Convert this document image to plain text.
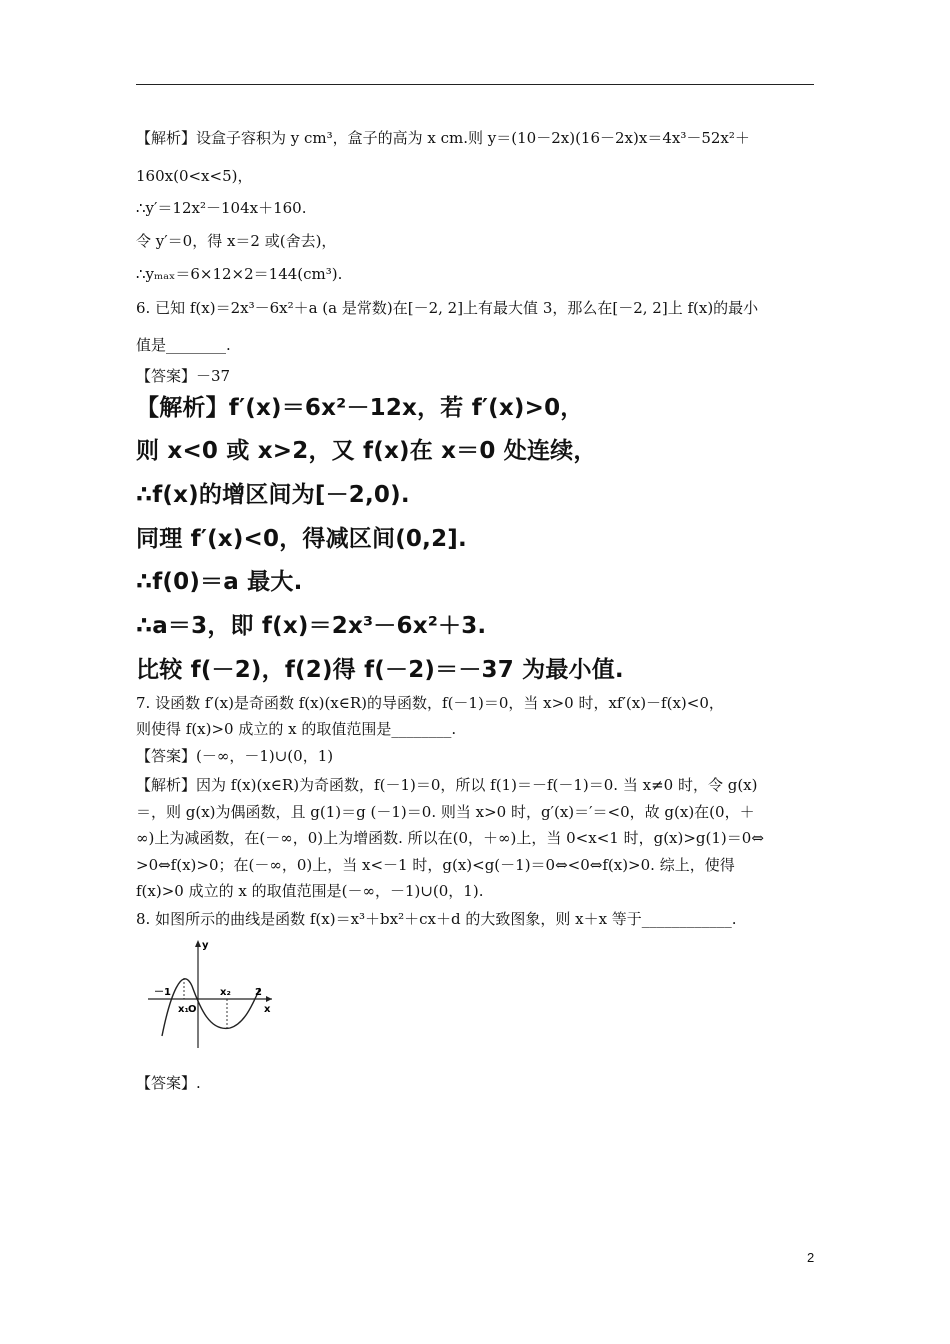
【解析】设盒子容积为 y cm³，盒子的高为 x cm.则 y＝(10－2x)(16－2x)x＝4x³－52x²＋
160x(0<x<5)，
∴y′＝12x²－104x＋160.
令 y′＝0，得 x＝2 或(舍去)，
∴yₘₐₓ＝6×12×2＝144(cm³).
6. 已知 f(x)＝2x³－6x²＋a (a 是常数)在[－2, 2]上有最大值 3，那么在[－2, 2]上 f(x)的最小
值是________.
【答案】－37
【解析】f′(x)＝6x²－12x，若 f′(x)>0，
则 x<0 或 x>2，又 f(x)在 x＝0 处连续，
∴f(x)的增区间为[－2,0).
同理 f′(x)<0，得减区间(0,2].
∴f(0)＝a 最大.
∴a＝3，即 f(x)＝2x³－6x²＋3.
比较 f(－2)，f(2)得 f(－2)＝－37 为最小值.
7. 设函数 f′(x)是奇函数 f(x)(x∈R)的导函数，f(－1)＝0，当 x>0 时，xf′(x)－f(x)<0，
则使得 f(x)>0 成立的 x 的取值范围是________.
【答案】(－∞，－1)∪(0，1)
【解析】因为 f(x)(x∈R)为奇函数，f(－1)＝0，所以 f(1)＝－f(－1)＝0. 当 x≠0 时，令 g(x)
＝，则 g(x)为偶函数，且 g(1)＝g (－1)＝0. 则当 x>0 时，g′(x)＝′＝<0，故 g(x)在(0，＋
∞)上为减函数，在(－∞，0)上为增函数. 所以在(0，＋∞)上，当 0<x<1 时，g(x)>g(1)＝0⇔
>0⇔f(x)>0；在(－∞，0)上，当 x<－1 时，g(x)<g(－1)＝0⇔<0⇔f(x)>0. 综上，使得
f(x)>0 成立的 x 的取值范围是(－∞，－1)∪(0，1).
8. 如图所示的曲线是函数 f(x)＝x³＋bx²＋cx＋d 的大致图象，则 x＋x 等于____________.
y
x
－1
x₁ O
x₂ 2
【答案】.
2
